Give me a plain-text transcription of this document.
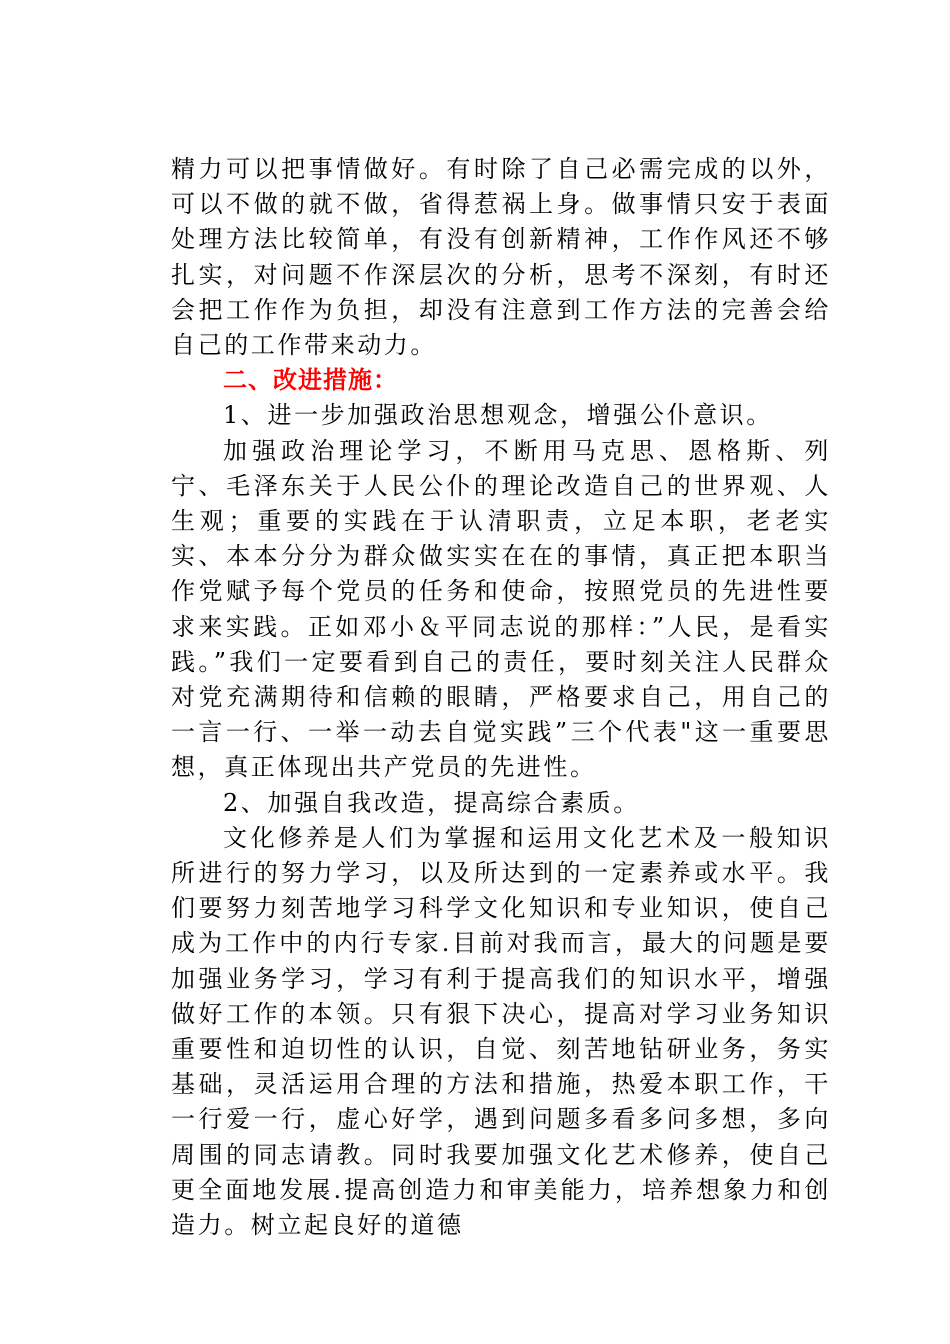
精力可以把事情做好。有时除了自己必需完成的以外，可以不做的就不做，省得惹祸上身。做事情只安于表面处理方法比较简单，有没有创新精神，工作作风还不够扎实，对问题不作深层次的分析，思考不深刻，有时还会把工作作为负担，却没有注意到工作方法的完善会给自己的工作带来动力。

二、改进措施：

1、进一步加强政治思想观念，增强公仆意识。

加强政治理论学习，不断用马克思、恩格斯、列宁、毛泽东关于人民公仆的理论改造自己的世界观、人生观；重要的实践在于认清职责，立足本职，老老实实、本本分分为群众做实实在在的事情，真正把本职当作党赋予每个党员的任务和使命，按照党员的先进性要求来实践。正如邓小＆平同志说的那样：”人民，是看实践。”我们一定要看到自己的责任，要时刻关注人民群众对党充满期待和信赖的眼睛，严格要求自己，用自己的一言一行、一举一动去自觉实践”三个代表"这一重要思想，真正体现出共产党员的先进性。

2、加强自我改造，提高综合素质。

文化修养是人们为掌握和运用文化艺术及一般知识所进行的努力学习，以及所达到的一定素养或水平。我们要努力刻苦地学习科学文化知识和专业知识，使自己成为工作中的内行专家.目前对我而言，最大的问题是要加强业务学习，学习有利于提高我们的知识水平，增强做好工作的本领。只有狠下决心，提高对学习业务知识重要性和迫切性的认识，自觉、刻苦地钻研业务，务实基础，灵活运用合理的方法和措施，热爱本职工作，干一行爱一行，虚心好学，遇到问题多看多问多想，多向周围的同志请教。同时我要加强文化艺术修养，使自己更全面地发展.提高创造力和审美能力，培养想象力和创造力。树立起良好的道德
